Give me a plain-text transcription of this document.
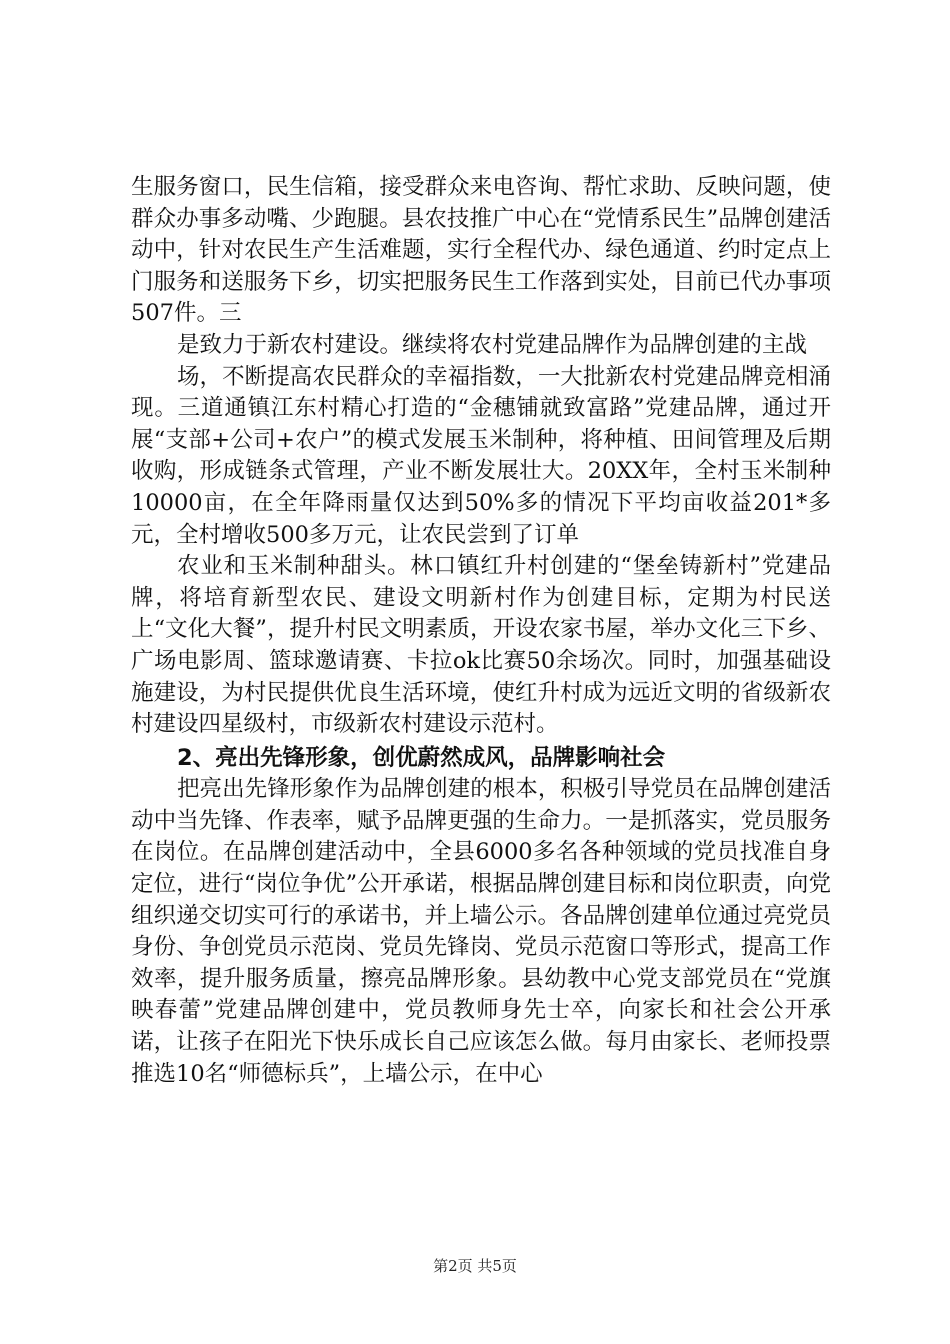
生服务窗口，民生信箱，接受群众来电咨询、帮忙求助、反映问题，使群众办事多动嘴、少跑腿。县农技推广中心在“党情系民生”品牌创建活动中，针对农民生产生活难题，实行全程代办、绿色通道、约时定点上门服务和送服务下乡，切实把服务民生工作落到实处，目前已代办事项507件。三

是致力于新农村建设。继续将农村党建品牌作为品牌创建的主战

场，不断提高农民群众的幸福指数，一大批新农村党建品牌竞相涌现。三道通镇江东村精心打造的“金穗铺就致富路”党建品牌，通过开展“支部+公司+农户”的模式发展玉米制种，将种植、田间管理及后期收购，形成链条式管理，产业不断发展壮大。20XX年，全村玉米制种10000亩，在全年降雨量仅达到50%多的情况下平均亩收益201*多元，全村增收500多万元，让农民尝到了订单

农业和玉米制种甜头。林口镇红升村创建的“堡垒铸新村”党建品牌，将培育新型农民、建设文明新村作为创建目标，定期为村民送上“文化大餐”，提升村民文明素质，开设农家书屋，举办文化三下乡、广场电影周、篮球邀请赛、卡拉ok比赛50余场次。同时，加强基础设施建设，为村民提供优良生活环境，使红升村成为远近文明的省级新农村建设四星级村，市级新农村建设示范村。

2、亮出先锋形象，创优蔚然成风，品牌影响社会

把亮出先锋形象作为品牌创建的根本，积极引导党员在品牌创建活动中当先锋、作表率，赋予品牌更强的生命力。一是抓落实，党员服务在岗位。在品牌创建活动中，全县6000多名各种领域的党员找准自身定位，进行“岗位争优”公开承诺，根据品牌创建目标和岗位职责，向党组织递交切实可行的承诺书，并上墙公示。各品牌创建单位通过亮党员身份、争创党员示范岗、党员先锋岗、党员示范窗口等形式，提高工作效率，提升服务质量，擦亮品牌形象。县幼教中心党支部党员在“党旗映春蕾”党建品牌创建中，党员教师身先士卒，向家长和社会公开承诺，让孩子在阳光下快乐成长自己应该怎么做。每月由家长、老师投票推选10名“师德标兵”，上墙公示，在中心

第2页 共5页
